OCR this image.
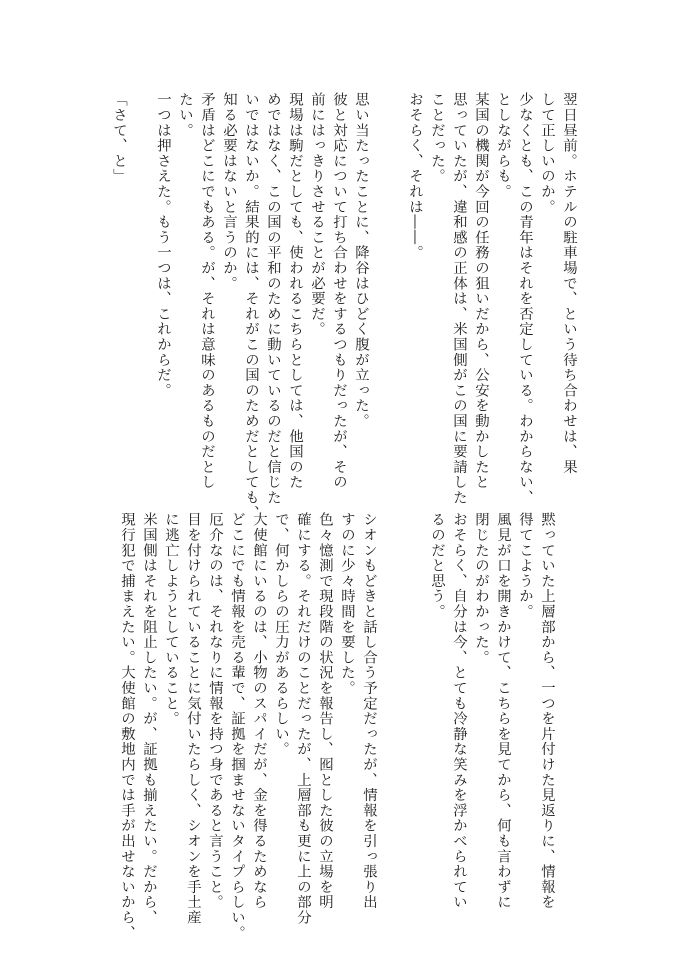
翌日昼前。ホテルの駐車場で、という待ち合わせは、果
して正しいのか。
少なくとも、この青年はそれを否定している。わからない、
としながらも。
某国の機関が今回の任務の狙いだから、公安を動かしたと
思っていたが、違和感の正体は、米国側がこの国に要請した
ことだった。
おそらく、それは――。
思い当たったことに、降谷はひどく腹が立った。
彼と対応について打ち合わせをするつもりだったが、その
前にはっきりさせることが必要だ。
現場は駒だとしても、使われるこちらとしては、他国のた
めではなく、この国の平和のために動いているのだと信じた
いではないか。結果的には、それがこの国のためだとしても、
知る必要はないと言うのか。
矛盾はどこにでもある。が、それは意味のあるものだとし
たい。
一つは押さえた。もう一つは、これからだ。

「さて、と」
黙っていた上層部から、一つを片付けた見返りに、情報を
得てこようか。
風見が口を開きかけて、こちらを見てから、何も言わずに
閉じたのがわかった。
おそらく、自分は今、とても冷静な笑みを浮かべられてい
るのだと思う。
シオンもどきと話し合う予定だったが、情報を引っ張り出
すのに少々時間を要した。
色々憶測で現段階の状況を報告し、囮とした彼の立場を明
確にする。それだけのことだったが、上層部も更に上の部分
で、何かしらの圧力があるらしい。
大使館にいるのは、小物のスパイだが、金を得るためなら
どこにでも情報を売る輩で、証拠を掴ませないタイプらしい。
厄介なのは、それなりに情報を持つ身であると言うこと。
目を付けられていることに気付いたらしく、シオンを手土産
に逃亡しようとしていること。
米国側はそれを阻止したい。が、証拠も揃えたい。だから、
現行犯で捕まえたい。大使館の敷地内では手が出せないから、
